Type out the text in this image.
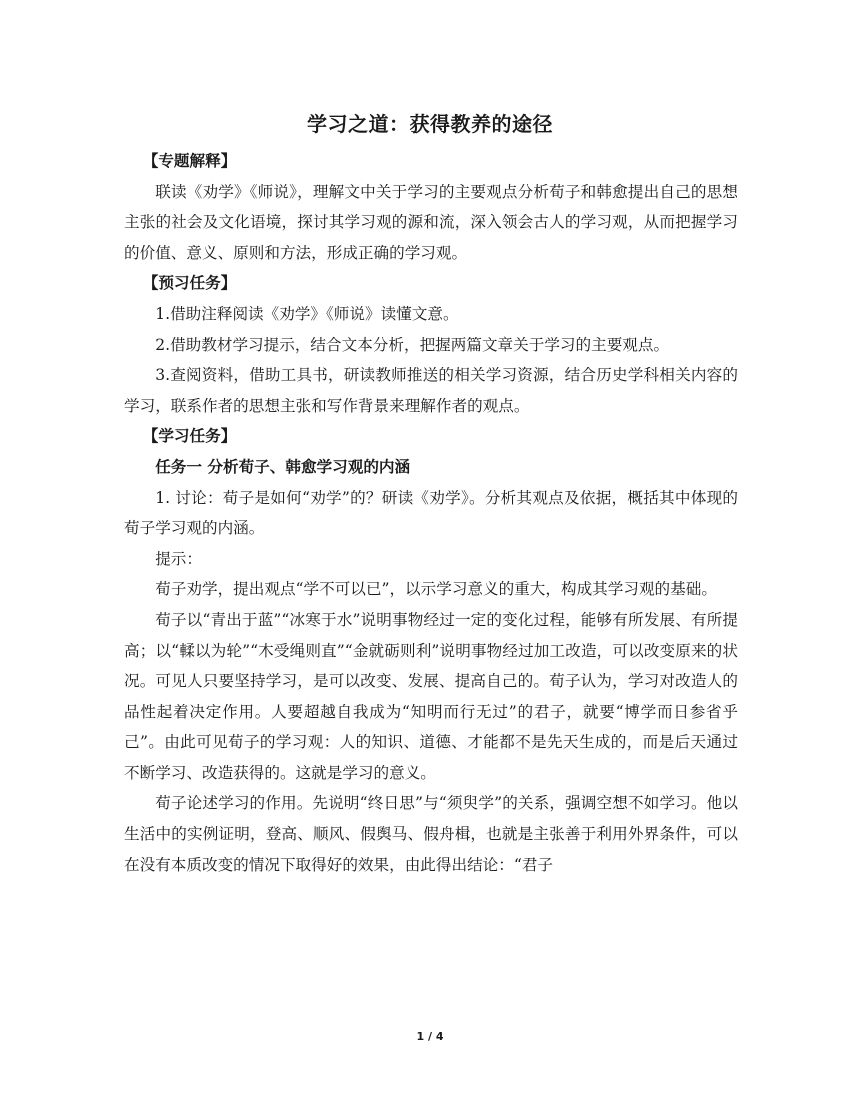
学习之道：获得教养的途径

【专题解释】

联读《劝学》《师说》，理解文中关于学习的主要观点分析荀子和韩愈提出自己的思想主张的社会及文化语境，探讨其学习观的源和流，深入领会古人的学习观，从而把握学习的价值、意义、原则和方法，形成正确的学习观。

【预习任务】

1.借助注释阅读《劝学》《师说》读懂文意。

2.借助教材学习提示，结合文本分析，把握两篇文章关于学习的主要观点。

3.查阅资料，借助工具书，研读教师推送的相关学习资源，结合历史学科相关内容的学习，联系作者的思想主张和写作背景来理解作者的观点。

【学习任务】

任务一 分析荀子、韩愈学习观的内涵

1. 讨论：荀子是如何“劝学”的？研读《劝学》。分析其观点及依据，概括其中体现的荀子学习观的内涵。

提示：

荀子劝学，提出观点“学不可以已”，以示学习意义的重大，构成其学习观的基础。

荀子以“青出于蓝”“冰寒于水”说明事物经过一定的变化过程，能够有所发展、有所提高；以“輮以为轮”“木受绳则直”“金就砺则利”说明事物经过加工改造，可以改变原来的状况。可见人只要坚持学习，是可以改变、发展、提高自己的。荀子认为，学习对改造人的品性起着决定作用。人要超越自我成为“知明而行无过”的君子，就要“博学而日参省乎己”。由此可见荀子的学习观：人的知识、道德、才能都不是先天生成的，而是后天通过不断学习、改造获得的。这就是学习的意义。

荀子论述学习的作用。先说明“终日思”与“须臾学”的关系，强调空想不如学习。他以生活中的实例证明，登高、顺风、假舆马、假舟楫，也就是主张善于利用外界条件，可以在没有本质改变的情况下取得好的效果，由此得出结论：“君子

1 / 4
